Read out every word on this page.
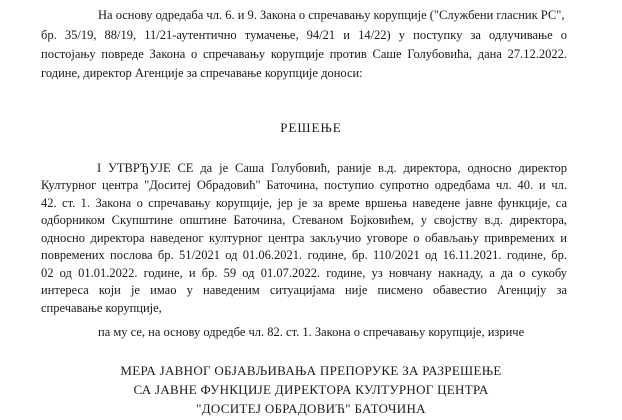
На основу одредаба чл. 6. и 9. Закона о спречавању корупције ("Службени гласник РС",
бр. 35/19, 88/19, 11/21-аутентично тумачење, 94/21 и 14/22) у поступку за одлучивање о
постојању повреде Закона о спречавању корупције против Саше Голубовића, дана 27.12.2022.
године, директор Агенције за спречавање корупције доноси:
РЕШЕЊЕ
I УТВРЂУЈЕ СЕ да је Саша Голубовић, раније в.д. директора, односно директор
Културног центра "Доситеј Обрадовић" Баточина, поступио супротно одредбама чл. 40. и чл.
42. ст. 1. Закона о спречавању корупције, јер је за време вршења наведене јавне функције, са
одборником Скупштине општине Баточина, Стеваном Бојковићем, у својству в.д. директора,
односно директора наведеног културног центра закључио уговоре о обављању привремених и
повремених послова бр. 51/2021 од 01.06.2021. године, бр. 110/2021 од 16.11.2021. године, бр.
02 од 01.01.2022. године, и бр. 59 од 01.07.2022. године, уз новчану накнаду, а да о сукобу
интереса који је имао у наведеним ситуацијама није писмено обавестио Агенцију за
спречавање корупције,
па му се, на основу одредбе чл. 82. ст. 1. Закона о спречавању корупције, изриче
МЕРА ЈАВНОГ ОБЈАВЉИВАЊА ПРЕПОРУКЕ ЗА РАЗРЕШЕЊЕ
СА ЈАВНЕ ФУНКЦИЈЕ ДИРЕКТОРА КУЛТУРНОГ ЦЕНТРА
"ДОСИТЕЈ ОБРАДОВИЋ" БАТОЧИНА
